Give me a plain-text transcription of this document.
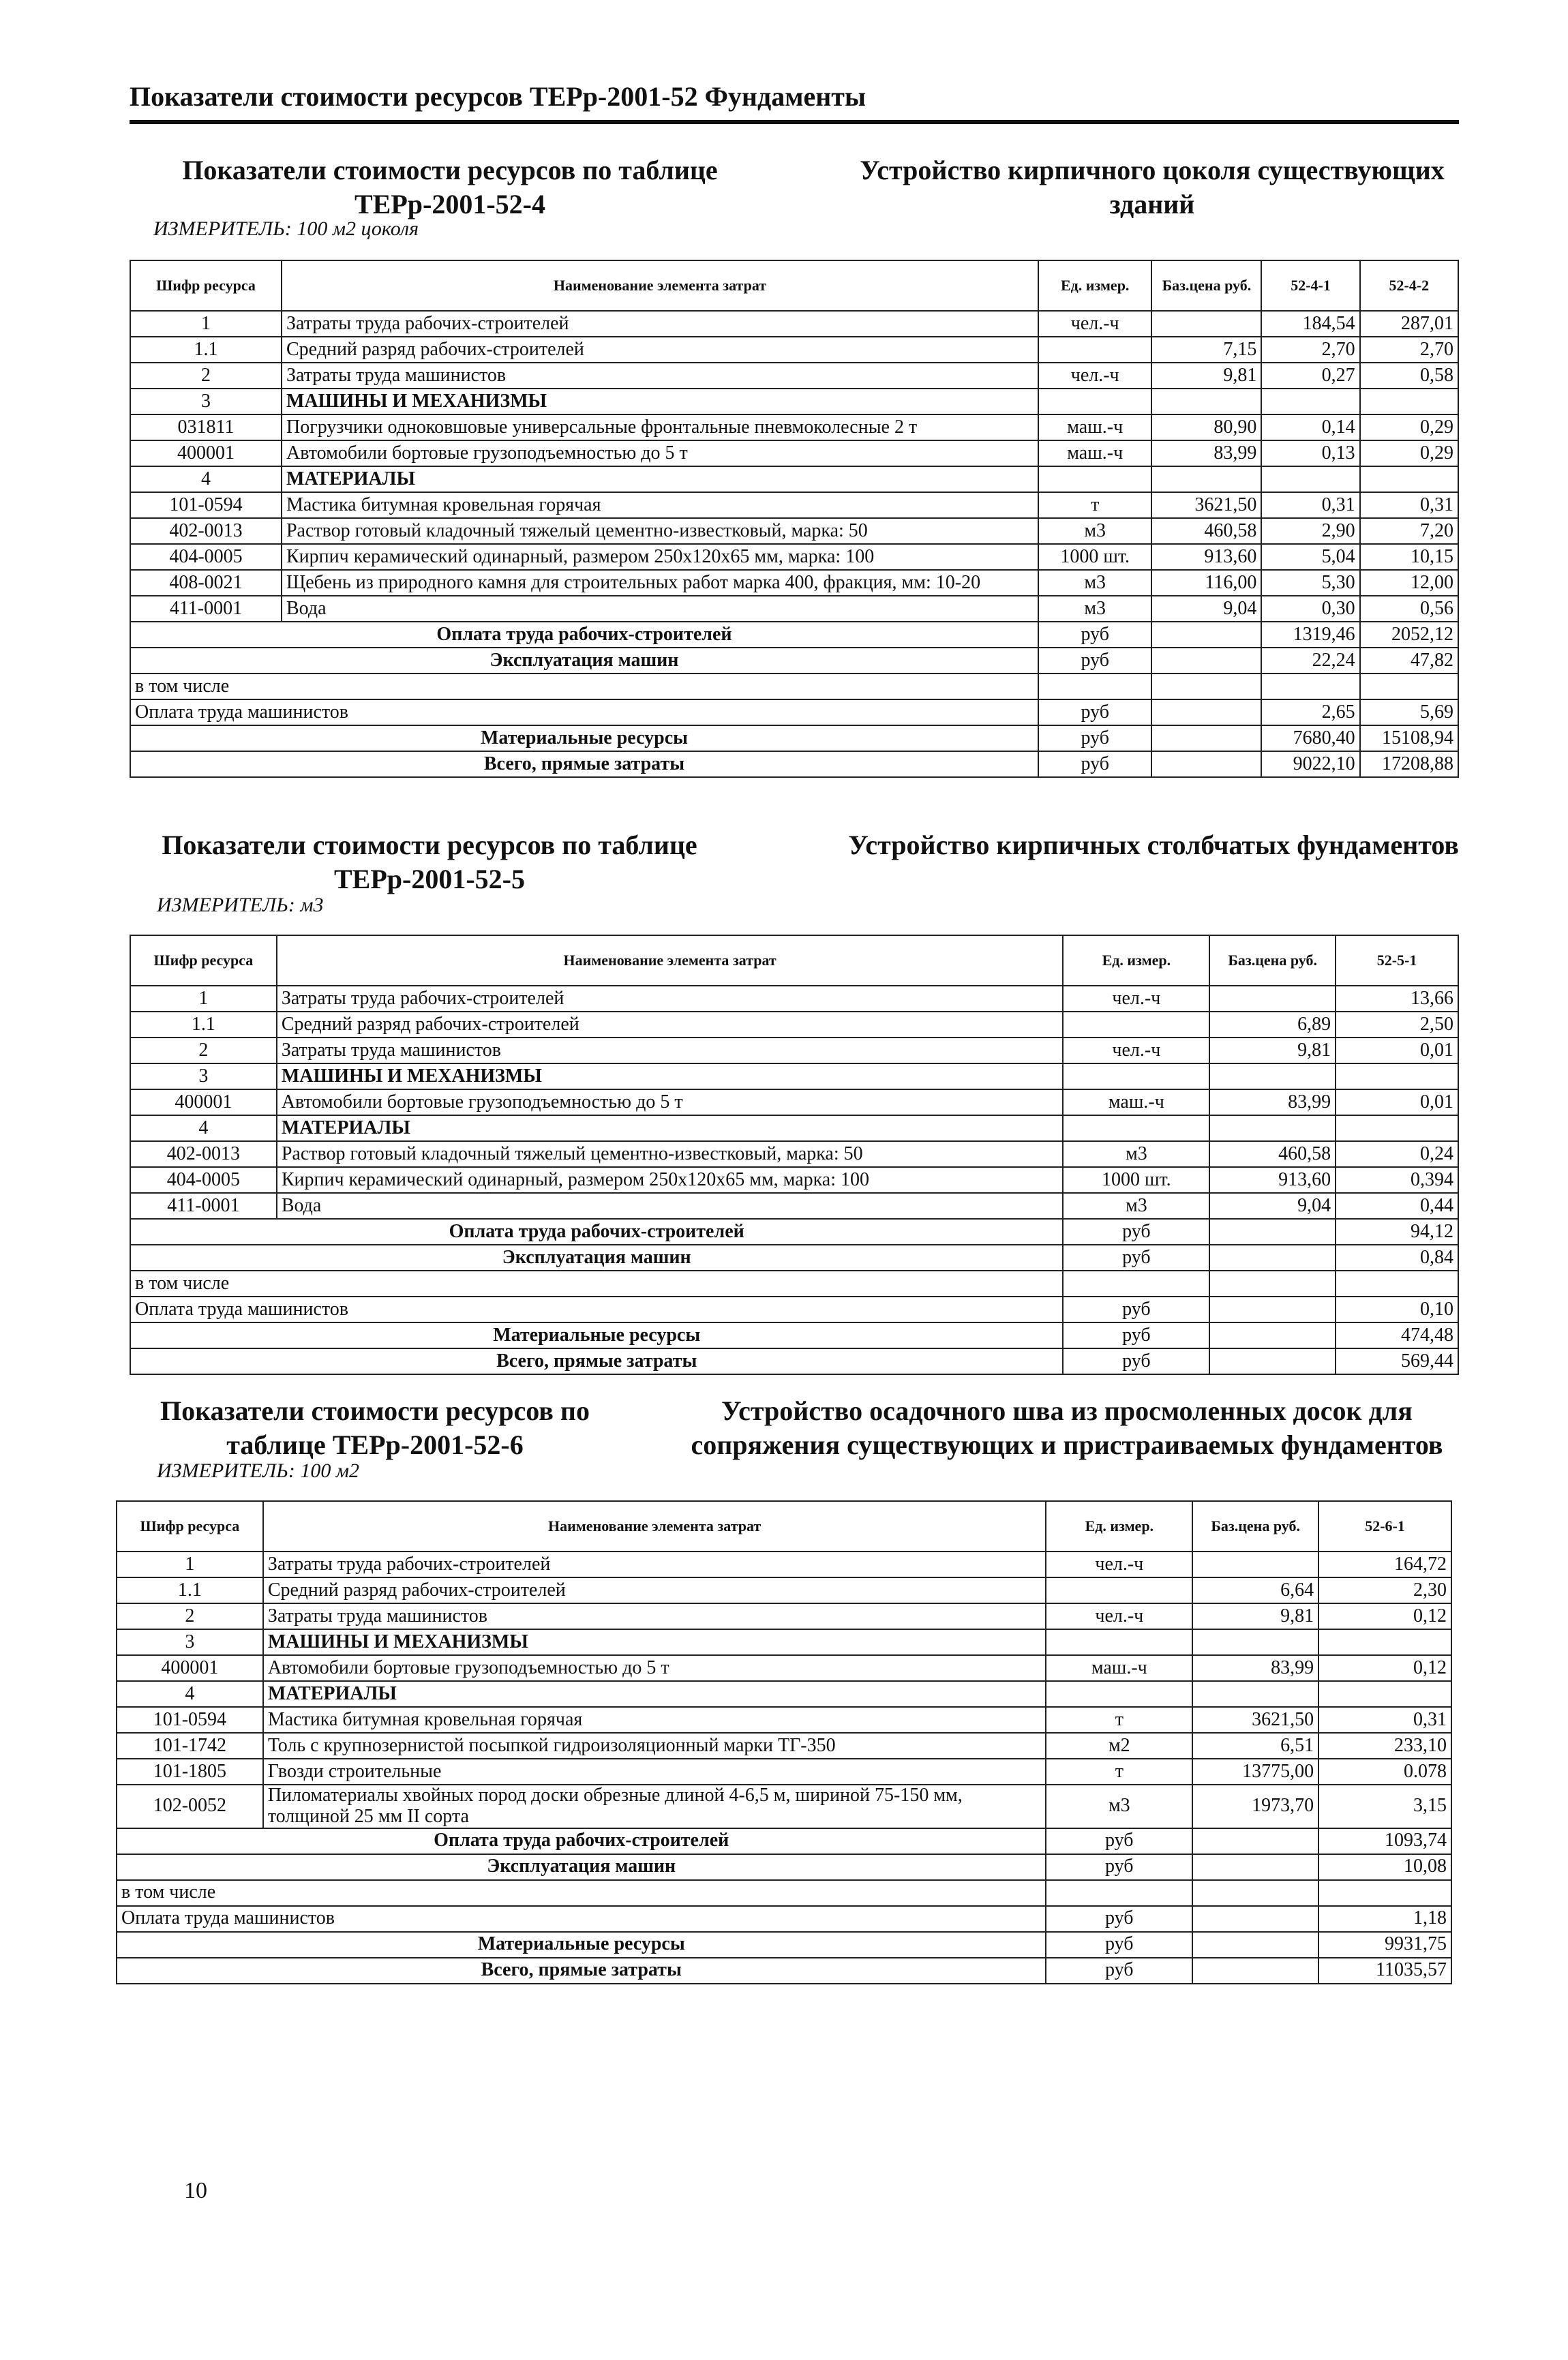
Показатели стоимости ресурсов ТЕРр-2001-52 Фундаменты
Показатели стоимости ресурсов по таблице ТЕРр-2001-52-4
Устройство кирпичного цоколя существующих зданий
ИЗМЕРИТЕЛЬ: 100 м2 цоколя
Шифр ресурса	Наименование элемента затрат	Ед. измер.	Баз.цена руб.	52-4-1	52-4-2
1	Затраты труда рабочих-строителей	чел.-ч		184,54	287,01
1.1	Средний разряд рабочих-строителей		7,15	2,70	2,70
2	Затраты труда машинистов	чел.-ч	9,81	0,27	0,58
3	МАШИНЫ И МЕХАНИЗМЫ				
031811	Погрузчики одноковшовые универсальные фронтальные пневмоколесные 2 т	маш.-ч	80,90	0,14	0,29
400001	Автомобили бортовые грузоподъемностью до 5 т	маш.-ч	83,99	0,13	0,29
4	МАТЕРИАЛЫ				
101-0594	Мастика битумная кровельная горячая	т	3621,50	0,31	0,31
402-0013	Раствор готовый кладочный тяжелый цементно-известковый, марка: 50	м3	460,58	2,90	7,20
404-0005	Кирпич керамический одинарный, размером 250х120х65 мм, марка: 100	1000 шт.	913,60	5,04	10,15
408-0021	Щебень из природного камня для строительных работ марка 400, фракция, мм: 10-20	м3	116,00	5,30	12,00
411-0001	Вода	м3	9,04	0,30	0,56
Оплата труда рабочих-строителей		руб		1319,46	2052,12
Эксплуатация машин		руб		22,24	47,82
в том числе					
Оплата труда машинистов		руб		2,65	5,69
Материальные ресурсы		руб		7680,40	15108,94
Всего, прямые затраты		руб		9022,10	17208,88
Показатели стоимости ресурсов по таблице ТЕРр-2001-52-5
Устройство кирпичных столбчатых фундаментов
ИЗМЕРИТЕЛЬ: м3
Шифр ресурса	Наименование элемента затрат	Ед. измер.	Баз.цена руб.	52-5-1
1	Затраты труда рабочих-строителей	чел.-ч		13,66
1.1	Средний разряд рабочих-строителей		6,89	2,50
2	Затраты труда машинистов	чел.-ч	9,81	0,01
3	МАШИНЫ И МЕХАНИЗМЫ			
400001	Автомобили бортовые грузоподъемностью до 5 т	маш.-ч	83,99	0,01
4	МАТЕРИАЛЫ			
402-0013	Раствор готовый кладочный тяжелый цементно-известковый, марка: 50	м3	460,58	0,24
404-0005	Кирпич керамический одинарный, размером 250х120х65 мм, марка: 100	1000 шт.	913,60	0,394
411-0001	Вода	м3	9,04	0,44
Оплата труда рабочих-строителей		руб		94,12
Эксплуатация машин		руб		0,84
в том числе				
Оплата труда машинистов		руб		0,10
Материальные ресурсы		руб		474,48
Всего, прямые затраты		руб		569,44
Показатели стоимости ресурсов по таблице ТЕРр-2001-52-6
Устройство осадочного шва из просмоленных досок для сопряжения существующих и пристраиваемых фундаментов
ИЗМЕРИТЕЛЬ: 100 м2
Шифр ресурса	Наименование элемента затрат	Ед. измер.	Баз.цена руб.	52-6-1
1	Затраты труда рабочих-строителей	чел.-ч		164,72
1.1	Средний разряд рабочих-строителей		6,64	2,30
2	Затраты труда машинистов	чел.-ч	9,81	0,12
3	МАШИНЫ И МЕХАНИЗМЫ			
400001	Автомобили бортовые грузоподъемностью до 5 т	маш.-ч	83,99	0,12
4	МАТЕРИАЛЫ			
101-0594	Мастика битумная кровельная горячая	т	3621,50	0,31
101-1742	Толь с крупнозернистой посыпкой гидроизоляционный марки ТГ-350	м2	6,51	233,10
101-1805	Гвозди строительные	т	13775,00	0.078
102-0052	Пиломатериалы хвойных пород доски обрезные длиной 4-6,5 м, шириной 75-150 мм, толщиной 25 мм II сорта	м3	1973,70	3,15
Оплата труда рабочих-строителей		руб		1093,74
Эксплуатация машин		руб		10,08
в том числе				
Оплата труда машинистов		руб		1,18
Материальные ресурсы		руб		9931,75
Всего, прямые затраты		руб		11035,57
10
